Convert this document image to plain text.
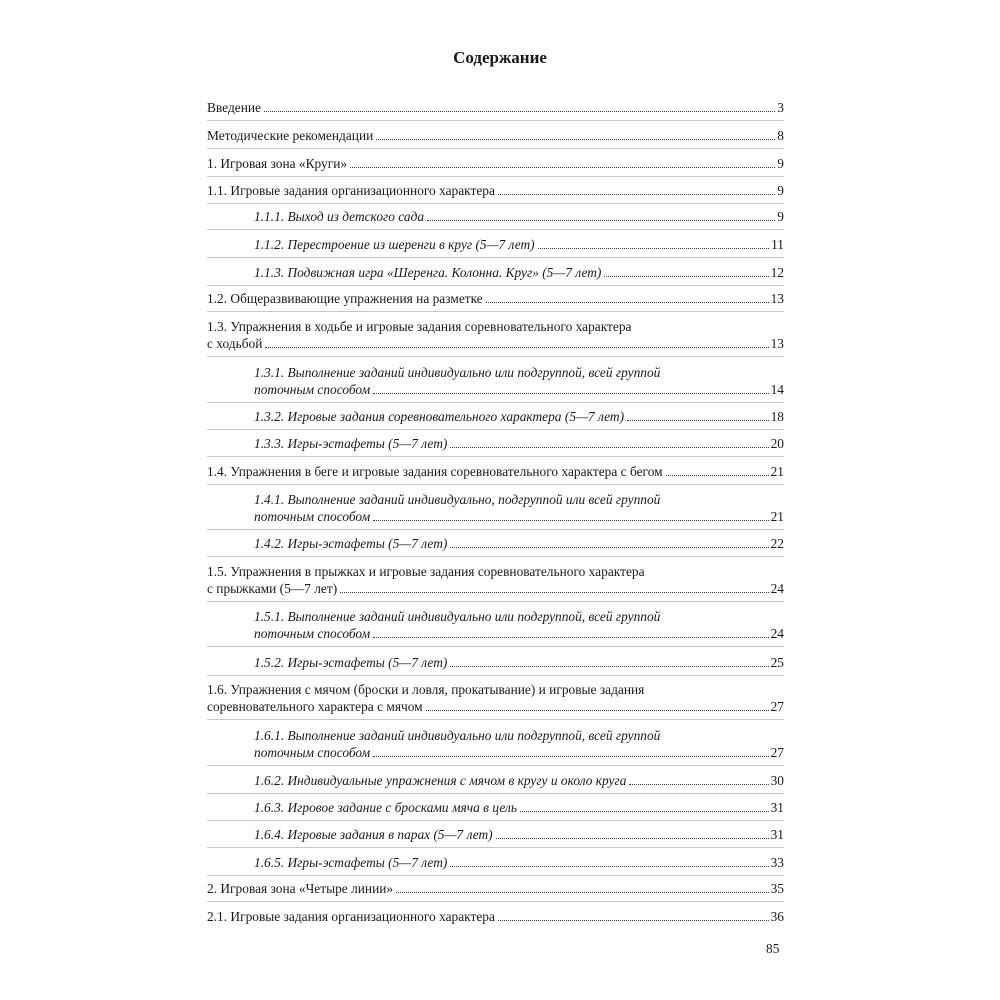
Содержание
Введение	3
Методические рекомендации	8
1. Игровая зона «Круги»	9
1.1. Игровые задания организационного характера	9
1.1.1. Выход из детского сада	9
1.1.2. Перестроение из шеренги в круг (5—7 лет)	11
1.1.3. Подвижная игра «Шеренга. Колонна. Круг» (5—7 лет)	12
1.2. Общеразвивающие упражнения на разметке	13
1.3. Упражнения в ходьбе и игровые задания соревновательного характера
с ходьбой	13
1.3.1. Выполнение заданий индивидуально или подгруппой, всей группой
поточным способом	14
1.3.2. Игровые задания соревновательного характера (5—7 лет)	18
1.3.3. Игры-эстафеты (5—7 лет)	20
1.4. Упражнения в беге и игровые задания соревновательного характера с бегом	21
1.4.1. Выполнение заданий индивидуально, подгруппой или всей группой
поточным способом	21
1.4.2. Игры-эстафеты (5—7 лет)	22
1.5. Упражнения в прыжках и игровые задания соревновательного характера
с прыжками (5—7 лет)	24
1.5.1. Выполнение заданий индивидуально или подгруппой, всей группой
поточным способом	24
1.5.2. Игры-эстафеты (5—7 лет)	25
1.6. Упражнения с мячом (броски и ловля, прокатывание) и игровые задания
соревновательного характера с мячом	27
1.6.1. Выполнение заданий индивидуально или подгруппой, всей группой
поточным способом	27
1.6.2. Индивидуальные упражнения с мячом в кругу и около круга	30
1.6.3. Игровое задание с бросками мяча в цель	31
1.6.4. Игровые задания в парах (5—7 лет)	31
1.6.5. Игры-эстафеты (5—7 лет)	33
2. Игровая зона «Четыре линии»	35
2.1. Игровые задания организационного характера	36
85
